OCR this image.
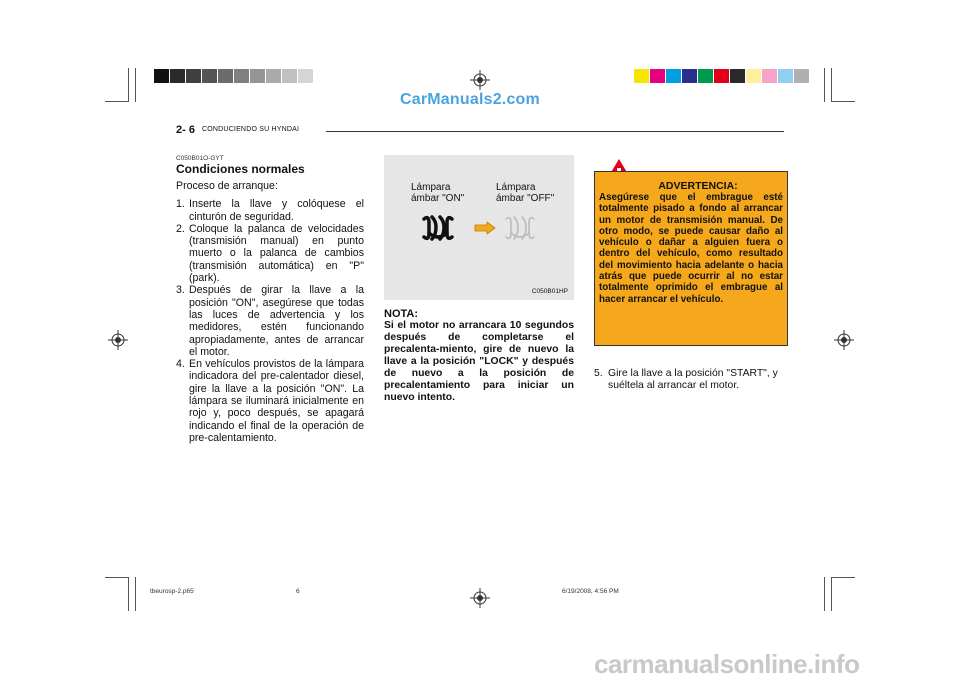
CarManuals2.com
2- 6 CONDUCIENDO SU HYNDAI
C050B01O-GYT
Condiciones normales

Proceso de arranque:

1. Inserte la llave y colóquese el cinturón de seguridad.
2. Coloque la palanca de velocidades (transmisión manual) en punto muerto o la palanca de cambios (transmisión automática) en "P" (park).
3. Después de girar la llave a la posición "ON", asegúrese que todas las luces de advertencia y los medidores, estén funcionando apropiadamente, antes de arrancar el motor.
4. En vehículos provistos de la lámpara indicadora del pre-calentador diesel, gire la llave a la posición "ON". La lámpara se iluminará inicialmente en rojo y, poco después, se apagará indicando el final de la operación de pre-calentamiento.
Lámpara
ámbar "ON"
Lámpara
ámbar "OFF"
C050B01HP
NOTA:
Si el motor no arrancara 10 segundos después de completarse el precalenta-miento, gire de nuevo la llave a la posición "LOCK" y después de nuevo a la posición de precalentamiento para iniciar un nuevo intento.
ADVERTENCIA:
Asegúrese que el embrague esté totalmente pisado a fondo al arrancar un motor de transmisión manual. De otro modo, se puede causar daño al vehículo o dañar a alguien fuera o dentro del vehículo, como resultado del movimiento hacia adelante o hacia atrás que puede ocurrir al no estar totalmente oprimido el embrague al hacer arrancar el vehículo.
5. Gire la llave a la posición "START", y suéltela al arrancar el motor.
tbeurosp-2.p65	6	6/19/2008, 4:56 PM
carmanualsonline.info
